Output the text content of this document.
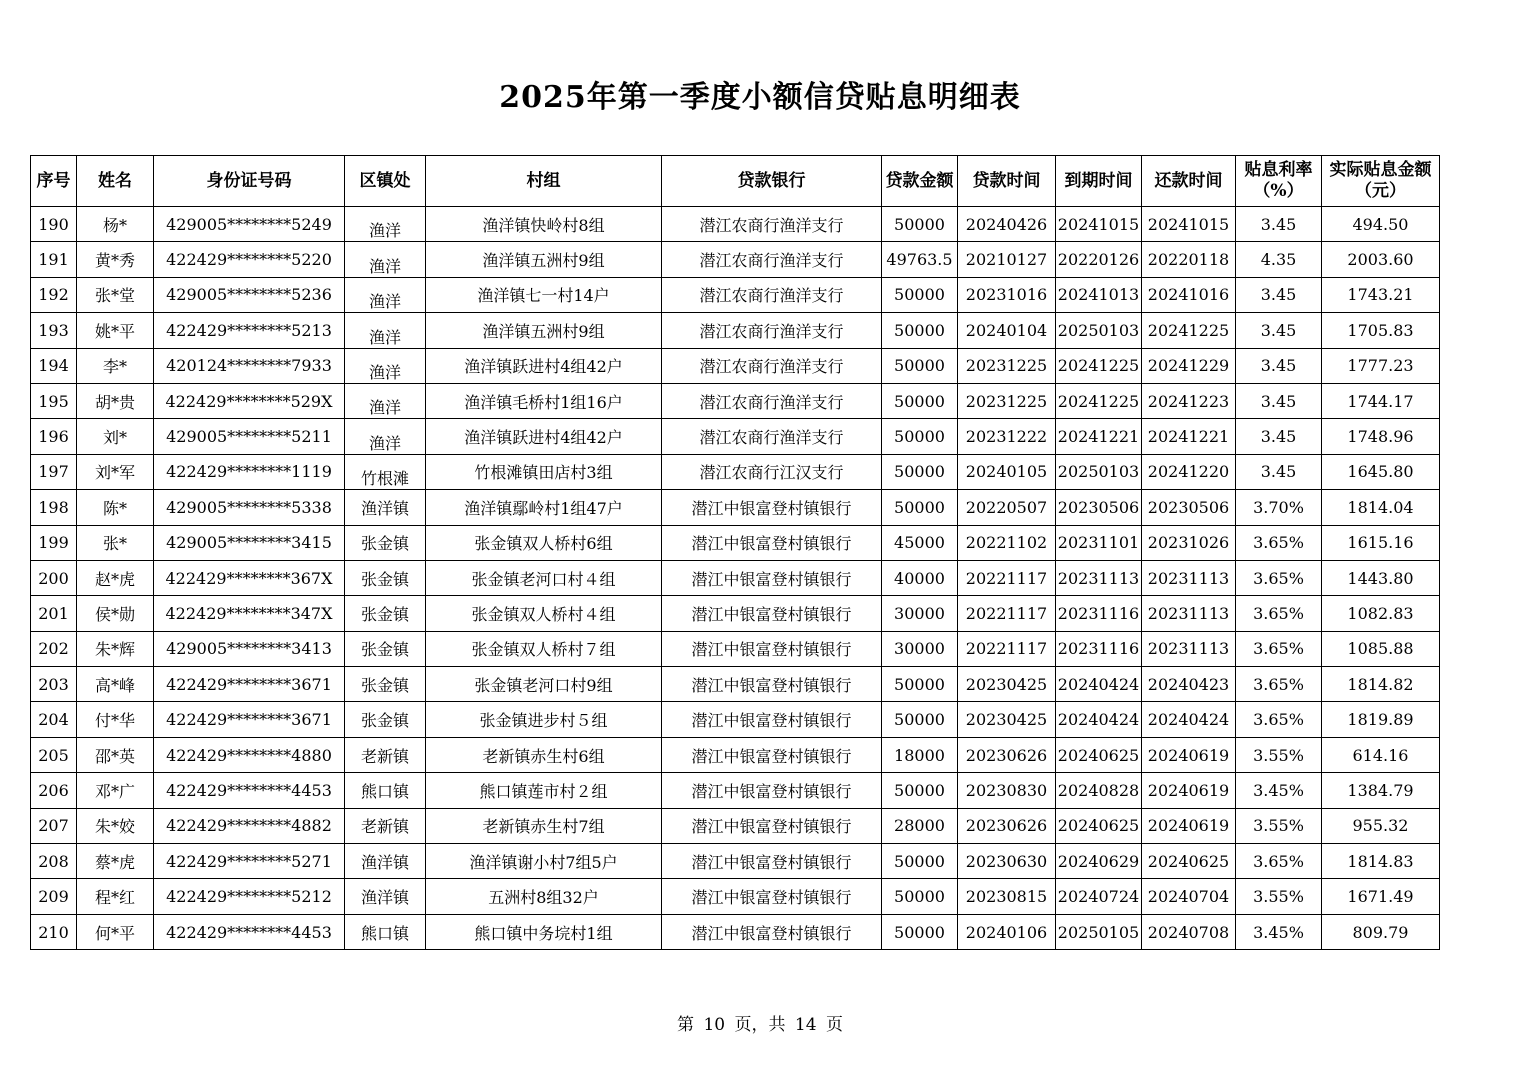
2025年第一季度小额信贷贴息明细表
序号	姓名	身份证号码	区镇处	村组	贷款银行	贷款金额	贷款时间	到期时间	还款时间	贴息利率（%）	实际贴息金额（元）
190	杨*	429005********5249	渔洋	渔洋镇快岭村8组	潜江农商行渔洋支行	50000	20240426	20241015	20241015	3.45	494.50
191	黄*秀	422429********5220	渔洋	渔洋镇五洲村9组	潜江农商行渔洋支行	49763.5	20210127	20220126	20220118	4.35	2003.60
192	张*堂	429005********5236	渔洋	渔洋镇七一村14户	潜江农商行渔洋支行	50000	20231016	20241013	20241016	3.45	1743.21
193	姚*平	422429********5213	渔洋	渔洋镇五洲村9组	潜江农商行渔洋支行	50000	20240104	20250103	20241225	3.45	1705.83
194	李*	420124********7933	渔洋	渔洋镇跃进村4组42户	潜江农商行渔洋支行	50000	20231225	20241225	20241229	3.45	1777.23
195	胡*贵	422429********529X	渔洋	渔洋镇毛桥村1组16户	潜江农商行渔洋支行	50000	20231225	20241225	20241223	3.45	1744.17
196	刘*	429005********5211	渔洋	渔洋镇跃进村4组42户	潜江农商行渔洋支行	50000	20231222	20241221	20241221	3.45	1748.96
197	刘*军	422429********1119	竹根滩	竹根滩镇田店村3组	潜江农商行江汉支行	50000	20240105	20250103	20241220	3.45	1645.80
198	陈*	429005********5338	渔洋镇	渔洋镇鄢岭村1组47户	潜江中银富登村镇银行	50000	20220507	20230506	20230506	3.70%	1814.04
199	张*	429005********3415	张金镇	张金镇双人桥村6组	潜江中银富登村镇银行	45000	20221102	20231101	20231026	3.65%	1615.16
200	赵*虎	422429********367X	张金镇	张金镇老河口村４组	潜江中银富登村镇银行	40000	20221117	20231113	20231113	3.65%	1443.80
201	侯*勋	422429********347X	张金镇	张金镇双人桥村４组	潜江中银富登村镇银行	30000	20221117	20231116	20231113	3.65%	1082.83
202	朱*辉	429005********3413	张金镇	张金镇双人桥村７组	潜江中银富登村镇银行	30000	20221117	20231116	20231113	3.65%	1085.88
203	高*峰	422429********3671	张金镇	张金镇老河口村9组	潜江中银富登村镇银行	50000	20230425	20240424	20240423	3.65%	1814.82
204	付*华	422429********3671	张金镇	张金镇进步村５组	潜江中银富登村镇银行	50000	20230425	20240424	20240424	3.65%	1819.89
205	邵*英	422429********4880	老新镇	老新镇赤生村6组	潜江中银富登村镇银行	18000	20230626	20240625	20240619	3.55%	614.16
206	邓*广	422429********4453	熊口镇	熊口镇莲市村２组	潜江中银富登村镇银行	50000	20230830	20240828	20240619	3.45%	1384.79
207	朱*姣	422429********4882	老新镇	老新镇赤生村7组	潜江中银富登村镇银行	28000	20230626	20240625	20240619	3.55%	955.32
208	蔡*虎	422429********5271	渔洋镇	渔洋镇谢小村7组5户	潜江中银富登村镇银行	50000	20230630	20240629	20240625	3.65%	1814.83
209	程*红	422429********5212	渔洋镇	五洲村8组32户	潜江中银富登村镇银行	50000	20230815	20240724	20240704	3.55%	1671.49
210	何*平	422429********4453	熊口镇	熊口镇中务垸村1组	潜江中银富登村镇银行	50000	20240106	20250105	20240708	3.45%	809.79
第 10 页，共 14 页
